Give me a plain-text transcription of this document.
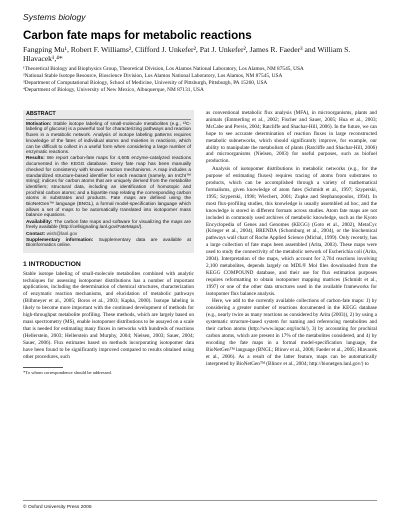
Systems biology
Carbon fate maps for metabolic reactions

Fangping Mu¹, Robert F. Williams², Clifford J. Unkefer², Pat J. Unkefer², James R. Faeder³ and William S. Hlavacek¹,⁴*

¹Theoretical Biology and Biophysics Group, Theoretical Division, Los Alamos National Laboratory, Los Alamos, NM 87545, USA

²National Stable Isotope Resource, Bioscience Division, Los Alamos National Laboratory, Los Alamos, NM 87545, USA

³Department of Computational Biology, School of Medicine, University of Pittsburgh, Pittsburgh, PA 15260, USA

⁴Department of Biology, University of New Mexico, Albuquerque, NM 87131, USA

ABSTRACT

Motivation: Stable isotope labeling of small-molecule metabolites (e.g., ¹³C-labeling of glucose) is a powerful tool for characterizing pathways and reaction fluxes in a metabolic network. Analysis of isotope labeling patterns requires knowledge of the fates of individual atoms and moieties in reactions, which can be difficult to collect in a useful form when considering a large number of enzymatic reactions.

Results: We report carbon-fate maps for 4,605 enzyme-catalyzed reactions documented in the KEGG database. Every fate map has been manually checked for consistency with known reaction mechanisms. A map includes a standardized structure-based identifier for each reactant (namely, an InChI™ string); indices for carbon atoms that are uniquely derived from the metabolite identifiers; structural data, including an identification of homotopic and prochiral carbon atoms; and a bipartite map relating the corresponding carbon atoms in substrates and products. Fate maps are defined using the BioNetGen™ language (BNGL), a formal model-specification language which allows a set of maps to be automatically translated into isotopomer mass balance equations.

Availability: The carbon fate maps and software for visualizing the maps are freely available (http://cellsignaling.lanl.gov/FateMaps/).

Contact: wish@lanl.gov

Supplementary information: Supplementary data are available at Bioinformatics online.

1 INTRODUCTION

Stable isotope labeling of small-molecule metabolites combined with analytic techniques for assessing isotopomer distributions has a number of important applications, including the determination of chemical structures, characterization of enzymatic reaction mechanisms, and elucidation of metabolic pathways (Bilhmeyer et al., 2005; Boros et al., 2003; Kapha, 2000). Isotope labeling is likely to become more important with the continued development of methods for high-throughput metabolite profiling. These methods, which are largely based on mass spectrometry (MS), enable isotopomer distributions to be assayed on a scale that is needed for estimating many fluxes in networks with hundreds of reactions (Hellerstein, 2003; Hellerstein and Murphy, 2004; Nielsen, 2003; Sauer, 2004; Sauer, 2006). Flux estimates based on methods incorporating isotopomer data have been found to be significantly improved compared to results obtained using other procedures, such

*To whom correspondence should be addressed.

as conventional metabolic flux analysis (MFA), in microorganisms, plants and animals (Emmerling et al., 2002; Fischer and Sauer, 2005; Hua et al., 2003; McCabe and Previs, 2004; Ratcliffe and Shachar-Hill, 2006). In the future, we can hope to see accurate determination of reaction fluxes in large reconstructed metabolic subnetworks, which should significantly improve, for example, our ability to manipulate the metabolism of plants (Ratcliffe and Shachar-Hill, 2006) and microorganisms (Nielsen, 2003) for useful purposes, such as biofuel production.

Analysis of isotopomer distributions in metabolic networks (e.g., for the purpose of estimating fluxes) requires tracing of atoms from substrates to products, which can be accomplished through a variety of mathematical formalisms, given knowledge of atom fates (Schmidt et al., 1997; Szyperski, 1995; Szyperski, 1998; Wiechert, 2001; Zupke and Stephanopoulos, 1994). In most flux-profiling studies, this knowledge is usually assembled ad hoc, and the knowledge is stored in different formats across studies. Atom fate maps are not included in commonly used archives of metabolic knowledge, such as the Kyoto Encyclopedia of Genes and Genomes (KEGG) (Goto et al., 2002), MetaCyc (Krieger et al., 2004), BRENDA (Schomburg et al., 2004), or the biochemical pathways wall chart of Roche Applied Science (Michal, 1999). Only recently, has a large collection of fate maps been assembled (Arita, 2003). These maps were used to study the connectivity of the metabolic network of Escherichia coli (Arita, 2004). Interpretation of the maps, which account for 2,764 reactions involving 2,100 metabolites, depends largely on MDL® Mol files downloaded from the KEGG COMPOUND database, and their use for flux estimation purposes requires reformatting to obtain isotopomer mapping matrices (Schmidt et al., 1997) or one of the other data structures used in the available frameworks for isotopomer flux balance analysis.

Here, we add to the currently available collections of carbon-fate maps: 1) by considering a greater number of reactions documented in the KEGG database (e.g., nearly twice as many reactions as considered by Arita (2003)), 2) by using a systematic structure-based system for naming and referencing metabolites and their carbon atoms (http://www.iupac.org/inchi/), 3) by accounting for prochiral carbon atoms, which are present in 17% of the metabolites considered, and 4) by encoding the fate maps in a formal model-specification language, the BioNetGen™ language (BNGL; Blinov et al., 2006; Faeder et al., 2005; Hlavacek et al., 2006). As a result of the latter feature, maps can be automatically interpreted by BioNetGen™ (Blinov et al., 2004; http://bionetgen.lanl.gov/) to

© Oxford University Press 2005
